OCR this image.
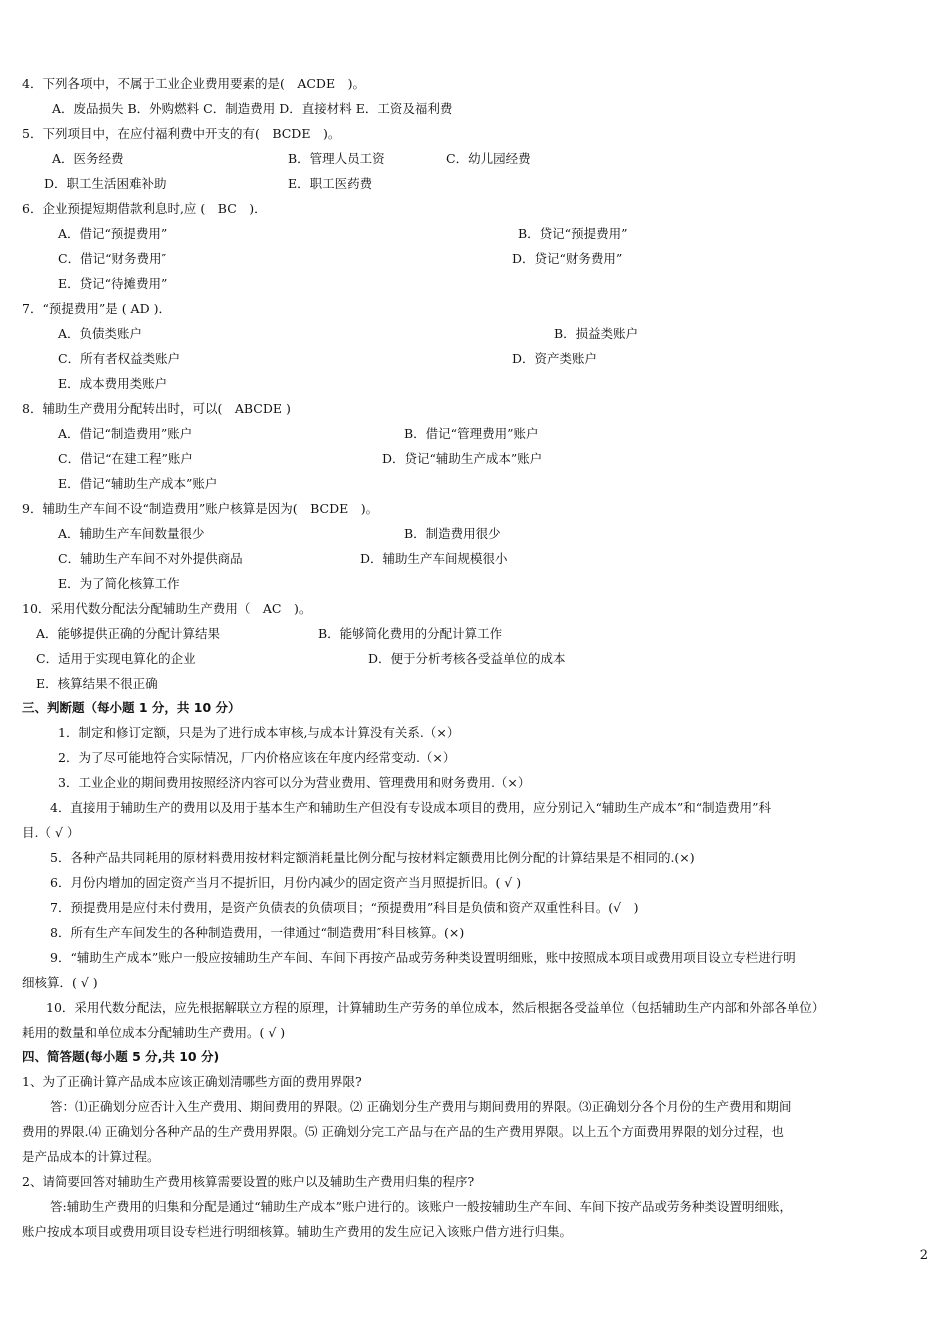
4．下列各项中，不属于工业企业费用要素的是(　ACDE　)。
A．废品损失 B．外购燃料 C．制造费用 D．直接材料 E．工资及福利费
5．下列项目中，在应付福利费中开支的有(　BCDE　)。
A．医务经费	B．管理人员工资	C．幼儿园经费
D．职工生活困难补助	E．职工医药费
6．企业预提短期借款利息时,应 (　BC　)．
A．借记“预提费用”	B．贷记“预提费用”
C．借记“财务费用″	D．贷记“财务费用”
E．贷记“待摊费用”
7．“预提费用”是 ( AD )．
A．负债类账户	B．损益类账户
C．所有者权益类账户	D．资产类账户
E．成本费用类账户
8．辅助生产费用分配转出时，可以(　ABCDE )
A．借记“制造费用”账户	B．借记“管理费用”账户
C．借记“在建工程”账户	D．贷记“辅助生产成本”账户
E．借记“辅助生产成本”账户
9．辅助生产车间不设“制造费用”账户核算是因为(　BCDE　)。
A．辅助生产车间数量很少	B．制造费用很少
C．辅助生产车间不对外提供商品	D．辅助生产车间规模很小
E．为了简化核算工作
10．采用代数分配法分配辅助生产费用（　AC　)。
A．能够提供正确的分配计算结果	B．能够简化费用的分配计算工作
C．适用于实现电算化的企业	D．便于分析考核各受益单位的成本
E．核算结果不很正确
三、判断题（每小题 1 分，共 10 分）
1．制定和修订定额，只是为了进行成本审核,与成本计算没有关系.（×）
2．为了尽可能地符合实际情况，厂内价格应该在年度内经常变动.（×）
3．工业企业的期间费用按照经济内容可以分为营业费用、管理费用和财务费用.（×）
4．直接用于辅助生产的费用以及用于基本生产和辅助生产但没有专设成本项目的费用，应分别记入“辅助生产成本”和“制造费用”科
目.（ √ ）
5．各种产品共同耗用的原材料费用按材料定额消耗量比例分配与按材料定额费用比例分配的计算结果是不相同的.(×)
6．月份内增加的固定资产当月不提折旧，月份内减少的固定资产当月照提折旧。( √ )
7．预提费用是应付未付费用，是资产负债表的负债项目；“预提费用”科目是负债和资产双重性科目。(√　)
8．所有生产车间发生的各种制造费用，一律通过“制造费用″科目核算。(×)
9．“辅助生产成本”账户一般应按辅助生产车间、车间下再按产品或劳务种类设置明细账，账中按照成本项目或费用项目设立专栏进行明
细核算．( √ )
10．采用代数分配法，应先根据解联立方程的原理，计算辅助生产劳务的单位成本，然后根据各受益单位（包括辅助生产内部和外部各单位）
耗用的数量和单位成本分配辅助生产费用。( √ )
四、简答题(每小题 5 分,共 10 分)
1、为了正确计算产品成本应该正确划清哪些方面的费用界限?
答：⑴正确划分应否计入生产费用、期间费用的界限。⑵ 正确划分生产费用与期间费用的界限。⑶正确划分各个月份的生产费用和期间
费用的界限.⑷ 正确划分各种产品的生产费用界限。⑸ 正确划分完工产品与在产品的生产费用界限。以上五个方面费用界限的划分过程，也
是产品成本的计算过程。
2、请简要回答对辅助生产费用核算需要设置的账户以及辅助生产费用归集的程序?
答:辅助生产费用的归集和分配是通过“辅助生产成本”账户进行的。该账户一般按辅助生产车间、车间下按产品或劳务种类设置明细账，
账户按成本项目或费用项目设专栏进行明细核算。辅助生产费用的发生应记入该账户借方进行归集。
2
